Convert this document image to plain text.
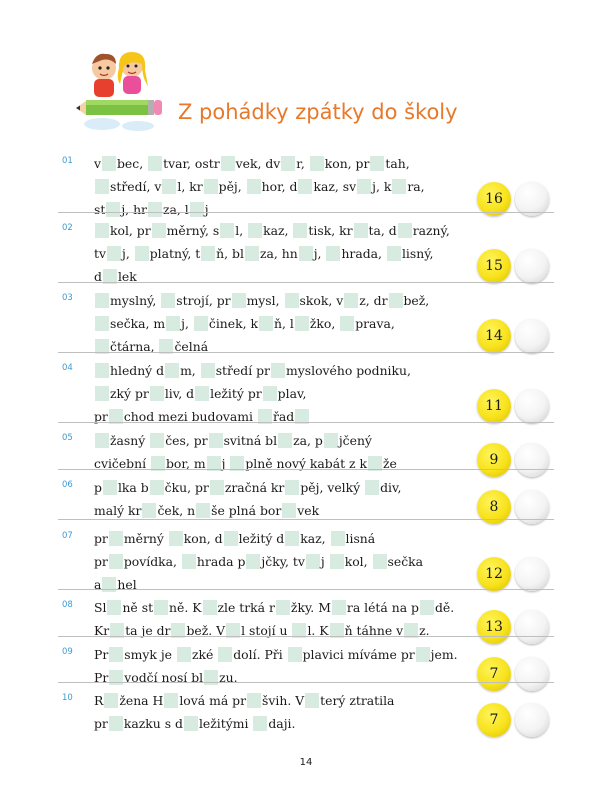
Z pohádky zpátky do školy
01 v bec, tvar, ostr vek, dv r, kon, pr tah,
středí, v l, kr pěj, hor, d kaz, sv j, k ra,
st j, hr za, l j
16
02	kol, pr měrný, s l, kaz, tisk, kr ta, d razný,
tv j, platný, t ň, bl za, hn j, hrada, lisný,
d lek
15
03	myslný, strojí, pr mysl, skok, v z, dr bež,
sečka, m j, činek, k ň, l žko, prava,
čtárna, čelná
14
04	hledný d m, středí pr myslového podniku,
zký pr liv, d ležitý pr plav,
pr chod mezi budovami řad
11
05	žasný čes, pr svitná bl za, p jčený
cvičební bor, m j plně nový kabát z k že	9
06 p lka b čku, pr zračná kr pěj, velký div,
malý kr ček, n še plná bor vek	8
07 pr měrný kon, d ležitý d kaz, lisná
pr povídka, hrada p jčky, tv j kol, sečka
a hel
12
08 Sl ně st ně. K zle trká r žky. M ra létá na p dě.
Kr ta je dr bež. V l stojí u l. K ň táhne v z.	13
09 Pr smyk je zké dolí. Při plavici míváme pr jem.
Pr vodčí nosí bl zu.	7
10 R žena H lová má pr švih. V terý ztratila
pr kazku s d ležitými daji.	7
14
